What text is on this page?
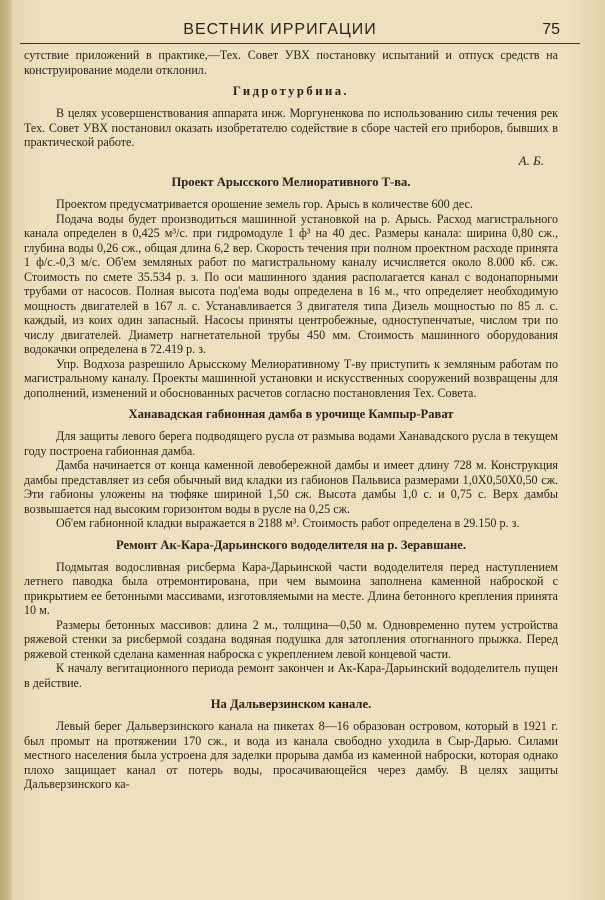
ВЕСТНИК ИРРИГАЦИИ	75
сутствие приложений в практике,—Тех. Совет УВХ постановку испытаний и отпуск средств на конструирование модели отклонил.
Гидротурбина.
В целях усовершенствования аппарата инж. Моргуненкова по использованию силы течения рек Тех. Совет УВХ постановил оказать изобретателю содействие в сборе частей его приборов, бывших в практической работе.
А. Б.
Проект Арысского Мелиоративного Т-ва.
Проектом предусматривается орошение земель гор. Арысь в количестве 600 дес.
Подача воды будет производиться машинной установкой на р. Арысь. Расход магистрального канала определен в 0,425 м³/с. при гидромодуле 1 ф³ на 40 дес. Размеры канала: ширина 0,80 сж., глубина воды 0,26 сж., общая длина 6,2 вер. Скорость течения при полном проектном расходе принята 1 ф/с.-0,3 м/с. Об'ем земляных работ по магистральному каналу исчисляется около 8.000 кб. сж. Стоимость по смете 35.534 р. з. По оси машинного здания располагается канал с водонапорными трубами от насосов. Полная высота под'ема воды определена в 16 м., что определяет необходимую мощность двигателей в 167 л. с. Устанавливается 3 двигателя типа Дизель мощностью по 85 л. с. каждый, из коих один запасный. Насосы приняты центробежные, одноступенчатые, числом три по числу двигателей. Диаметр нагнетательной трубы 450 мм. Стоимость машинного оборудования водокачки определена в 72.419 р. з.
Упр. Водхоза разрешило Арысскому Мелиоративному Т-ву приступить к земляным работам по магистральному каналу. Проекты машинной установки и искусственных сооружений возвращены для дополнений, изменений и обоснованных расчетов согласно постановления Тех. Совета.
Ханавадская габионная дамба в урочище Кампыр-Рават
Для защиты левого берега подводящего русла от размыва водами Ханавадского русла в текущем году построена габионная дамба.
Дамба начинается от конца каменной левобережной дамбы и имеет длину 728 м. Конструкция дамбы представляет из себя обычный вид кладки из габионов Пальвиса размерами 1,0Х0,50Х0,50 сж. Эти габионы уложены на тюфяке шириной 1,50 сж. Высота дамбы 1,0 с. и 0,75 с. Верх дамбы возвышается над высоким горизонтом воды в русле на 0,25 сж.
Об'ем габионной кладки выражается в 2188 м³. Стоимость работ определена в 29.150 р. з.
Ремонт Ак-Кара-Дарьинского вододелителя на р. Зеравшане.
Подмытая водосливная рисберма Кара-Дарьинской части вододелителя перед наступлением летнего паводка была отремонтирована, при чем вымоина заполнена каменной наброской с прикрытием ее бетонными массивами, изготовляемыми на месте. Длина бетонного крепления принята 10 м.
Размеры бетонных массивов: длина 2 м., толщина—0,50 м. Одновременно путем устройства ряжевой стенки за рисбермой создана водяная подушка для затопления отогнанного прыжка. Перед ряжевой стенкой сделана каменная наброска с укреплением левой концевой части.
К началу вегитационного периода ремонт закончен и Ак-Кара-Дарьинский вододелитель пущен в действие.
На Дальверзинском канале.
Левый берег Дальверзинского канала на пикетах 8—16 образован островом, который в 1921 г. был промыт на протяжении 170 сж., и вода из канала свободно уходила в Сыр-Дарью. Силами местного населения была устроена для заделки прорыва дамба из каменной наброски, которая однако плохо защищает канал от потерь воды, просачивающейся через дамбу. В целях защиты Дальверзинского ка-
